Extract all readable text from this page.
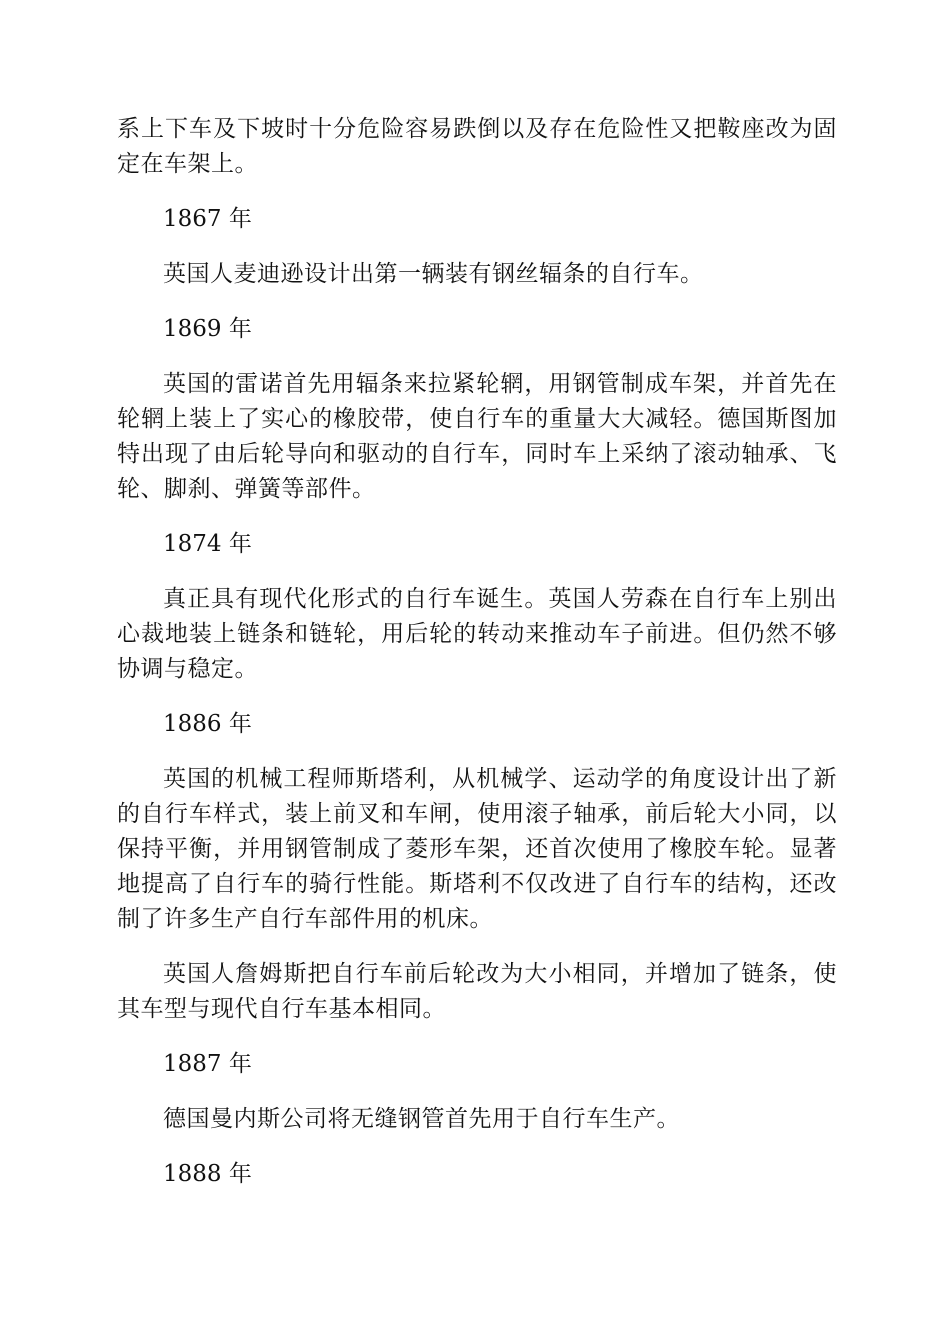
系上下车及下坡时十分危险容易跌倒以及存在危险性又把鞍座改为固定在车架上。

1867 年

英国人麦迪逊设计出第一辆装有钢丝辐条的自行车。

1869 年

英国的雷诺首先用辐条来拉紧轮辋，用钢管制成车架，并首先在轮辋上装上了实心的橡胶带，使自行车的重量大大减轻。德国斯图加特出现了由后轮导向和驱动的自行车，同时车上采纳了滚动轴承、飞轮、脚刹、弹簧等部件。

1874 年

真正具有现代化形式的自行车诞生。英国人劳森在自行车上别出心裁地装上链条和链轮，用后轮的转动来推动车子前进。但仍然不够协调与稳定。

1886 年

英国的机械工程师斯塔利，从机械学、运动学的角度设计出了新的自行车样式，装上前叉和车闸，使用滚子轴承，前后轮大小同，以保持平衡，并用钢管制成了菱形车架，还首次使用了橡胶车轮。显著地提高了自行车的骑行性能。斯塔利不仅改进了自行车的结构，还改制了许多生产自行车部件用的机床。

英国人詹姆斯把自行车前后轮改为大小相同，并增加了链条，使其车型与现代自行车基本相同。

1887 年

德国曼内斯公司将无缝钢管首先用于自行车生产。

1888 年
